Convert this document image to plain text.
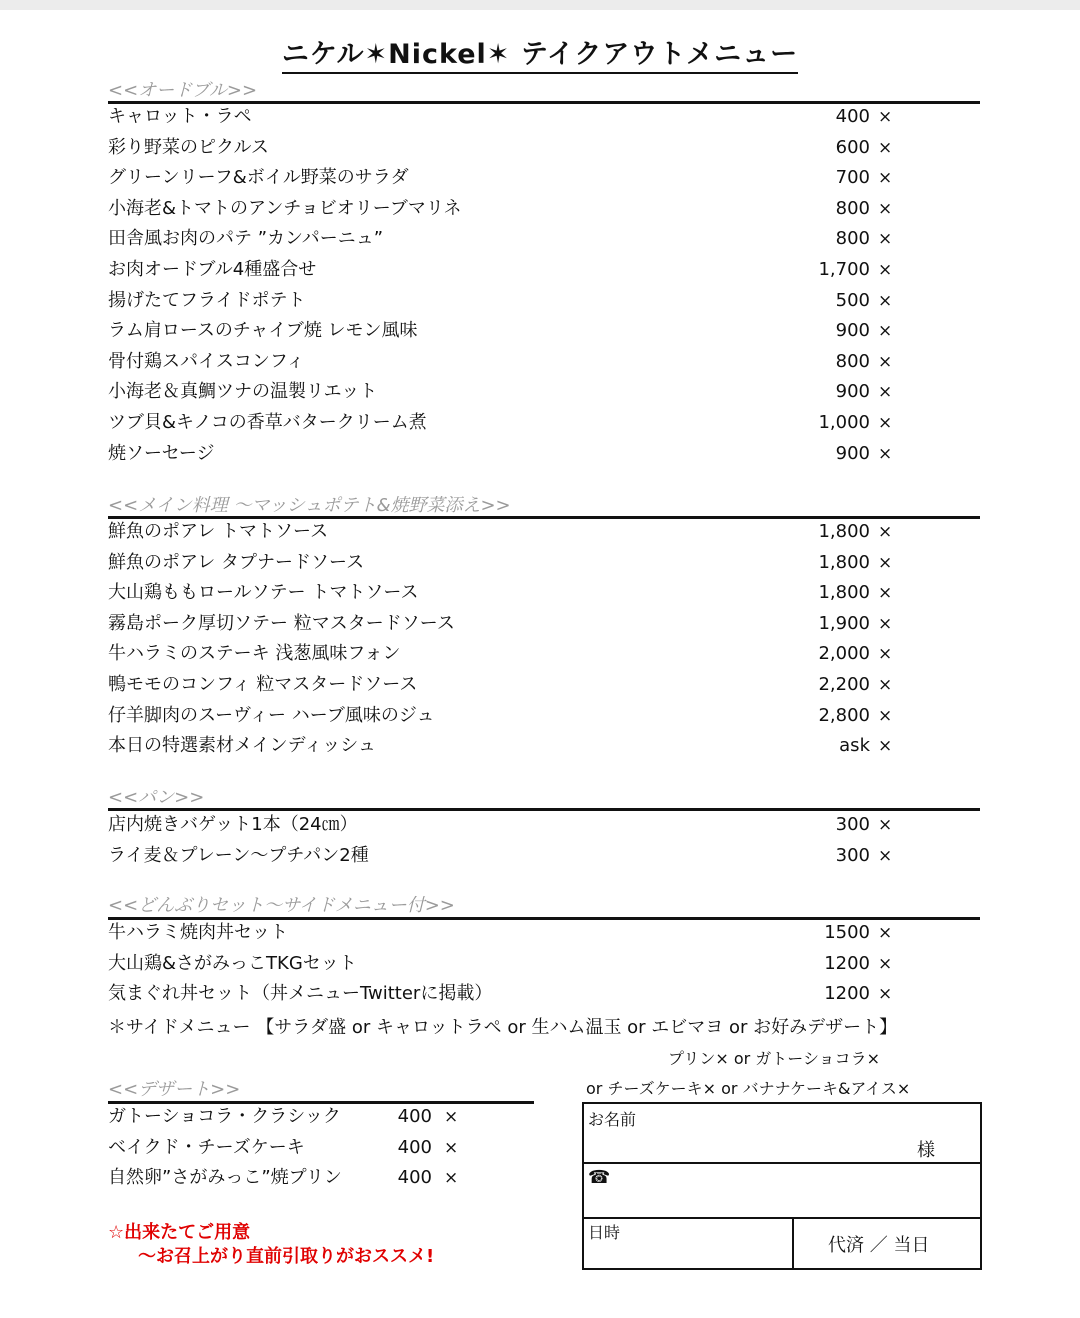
ニケル✶Nickel✶ テイクアウトメニュー
<<オードブル>>
キャロット・ラペ	400 ×
彩り野菜のピクルス	600 ×
グリーンリーフ&ボイル野菜のサラダ	700 ×
小海老&トマトのアンチョビオリーブマリネ	800 ×
田舎風お肉のパテ ”カンパーニュ”	800 ×
お肉オードブル4種盛合せ	1,700 ×
揚げたてフライドポテト	500 ×
ラム肩ロースのチャイブ焼 レモン風味	900 ×
骨付鶏スパイスコンフィ	800 ×
小海老＆真鯛ツナの温製リエット	900 ×
ツブ貝&キノコの香草バタークリーム煮	1,000 ×
焼ソーセージ	900 ×
<<メイン料理 ～マッシュポテト&焼野菜添え>>
鮮魚のポアレ トマトソース	1,800 ×
鮮魚のポアレ タプナードソース	1,800 ×
大山鶏ももロールソテー トマトソース	1,800 ×
霧島ポーク厚切ソテー 粒マスタードソース	1,900 ×
牛ハラミのステーキ 浅葱風味フォン	2,000 ×
鴨モモのコンフィ 粒マスタードソース	2,200 ×
仔羊脚肉のスーヴィー ハーブ風味のジュ	2,800 ×
本日の特選素材メインディッシュ	ask ×
<<パン>>
店内焼きバゲット1本（24㎝）	300 ×
ライ麦＆プレーン～プチパン2種	300 ×
<<どんぶりセット～サイドメニュー付>>
牛ハラミ焼肉丼セット	1500 ×
大山鶏&さがみっこTKGセット	1200 ×
気まぐれ丼セット（丼メニューTwitterに掲載）	1200 ×
＊サイドメニュー 【サラダ盛 or キャロットラペ or 生ハム温玉 or エビマヨ or お好みデザート】
プリン× or ガトーショコラ×
or チーズケーキ× or バナナケーキ&アイス×
<<デザート>>
ガトーショコラ・クラシック	400 ×
ベイクド・チーズケーキ	400 ×
自然卵”さがみっこ”焼プリン	400 ×
☆出来たてご用意
～お召上がり直前引取りがおススメ!
お名前
様
☎
日時
代済 ／ 当日
